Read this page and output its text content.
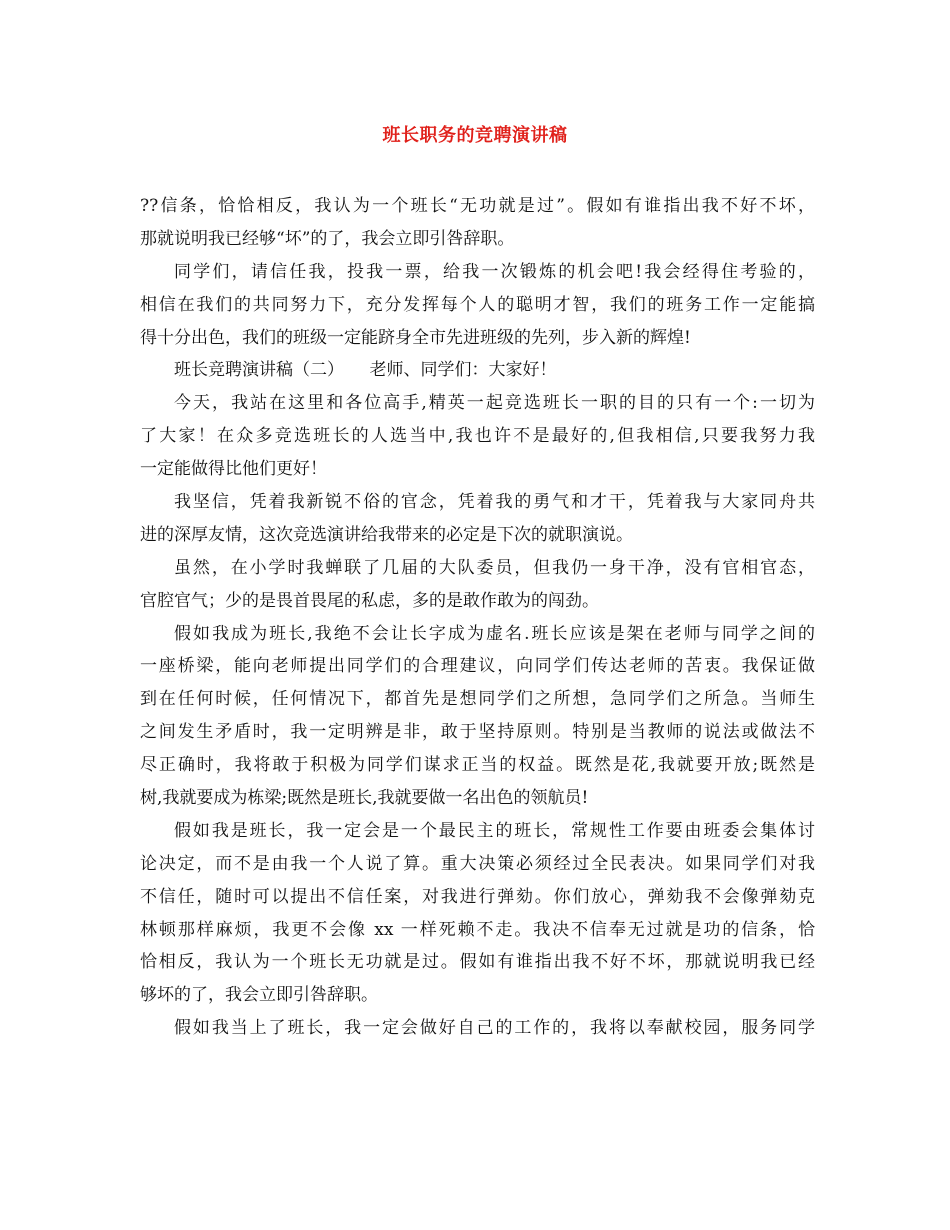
班长职务的竞聘演讲稿
??信条，恰恰相反，我认为一个班长“无功就是过”。假如有谁指出我不好不坏，
那就说明我已经够“坏”的了，我会立即引咎辞职。
同学们，请信任我，投我一票，给我一次锻炼的机会吧!我会经得住考验的，
相信在我们的共同努力下，充分发挥每个人的聪明才智，我们的班务工作一定能搞
得十分出色，我们的班级一定能跻身全市先进班级的先列，步入新的辉煌!
班长竞聘演讲稿（二）　　老师、同学们：大家好！
今天，我站在这里和各位高手,精英一起竞选班长一职的目的只有一个:一切为
了大家！在众多竞选班长的人选当中,我也许不是最好的,但我相信,只要我努力我
一定能做得比他们更好！
我坚信，凭着我新锐不俗的官念，凭着我的勇气和才干，凭着我与大家同舟共
进的深厚友情，这次竞选演讲给我带来的必定是下次的就职演说。
虽然，在小学时我蝉联了几届的大队委员，但我仍一身干净，没有官相官态，
官腔官气；少的是畏首畏尾的私虑，多的是敢作敢为的闯劲。
假如我成为班长,我绝不会让长字成为虚名.班长应该是架在老师与同学之间的
一座桥梁，能向老师提出同学们的合理建议，向同学们传达老师的苦衷。我保证做
到在任何时候，任何情况下，都首先是想同学们之所想，急同学们之所急。当师生
之间发生矛盾时，我一定明辨是非，敢于坚持原则。特别是当教师的说法或做法不
尽正确时，我将敢于积极为同学们谋求正当的权益。既然是花,我就要开放;既然是
树,我就要成为栋梁;既然是班长,我就要做一名出色的领航员!
假如我是班长，我一定会是一个最民主的班长，常规性工作要由班委会集体讨
论决定，而不是由我一个人说了算。重大决策必须经过全民表决。如果同学们对我
不信任，随时可以提出不信任案，对我进行弹劾。你们放心，弹劾我不会像弹劾克
林顿那样麻烦，我更不会像 xx 一样死赖不走。我决不信奉无过就是功的信条，恰
恰相反，我认为一个班长无功就是过。假如有谁指出我不好不坏，那就说明我已经
够坏的了，我会立即引咎辞职。
假如我当上了班长，我一定会做好自己的工作的，我将以奉献校园，服务同学
